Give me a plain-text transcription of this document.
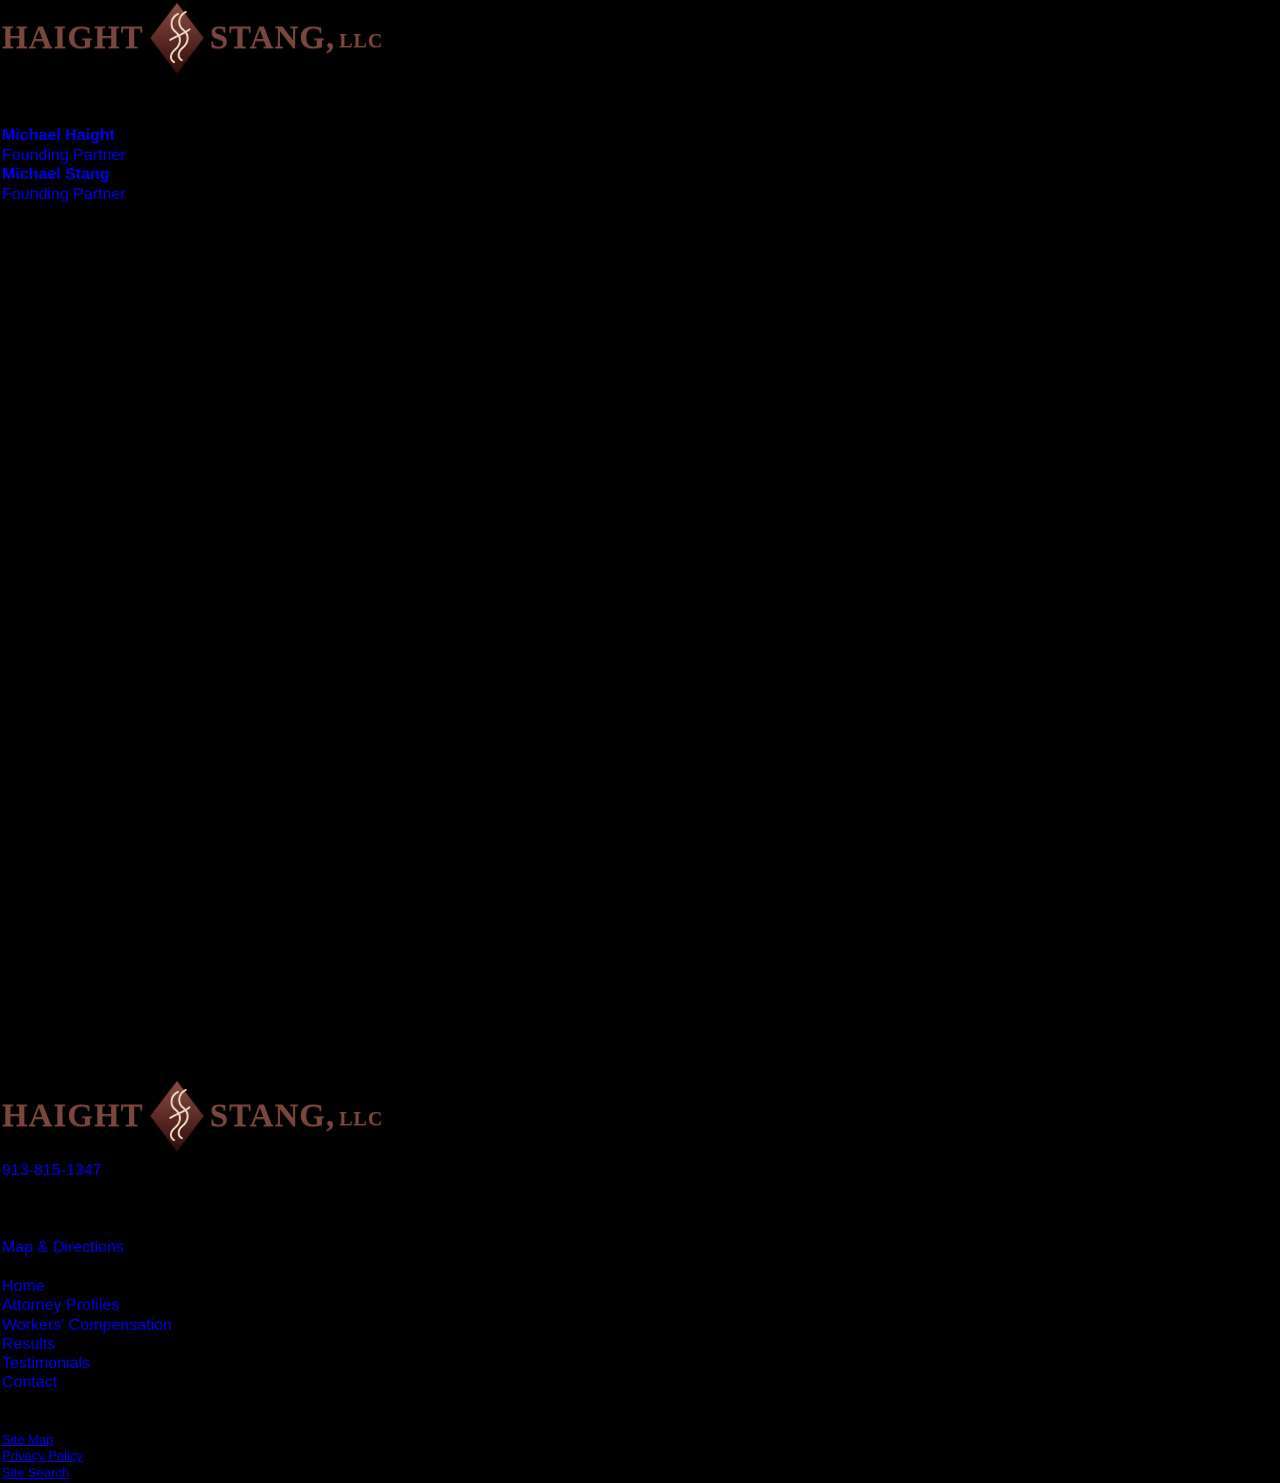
HAIGHT STANG, LLC
Michael Haight
Founding Partner
Michael Stang
Founding Partner
HAIGHT STANG, LLC
913-815-1347
Map & Directions
Home
Attorney Profiles
Workers' Compensation
Results
Testimonials
Contact
Site Map
Privacy Policy
Site Search
